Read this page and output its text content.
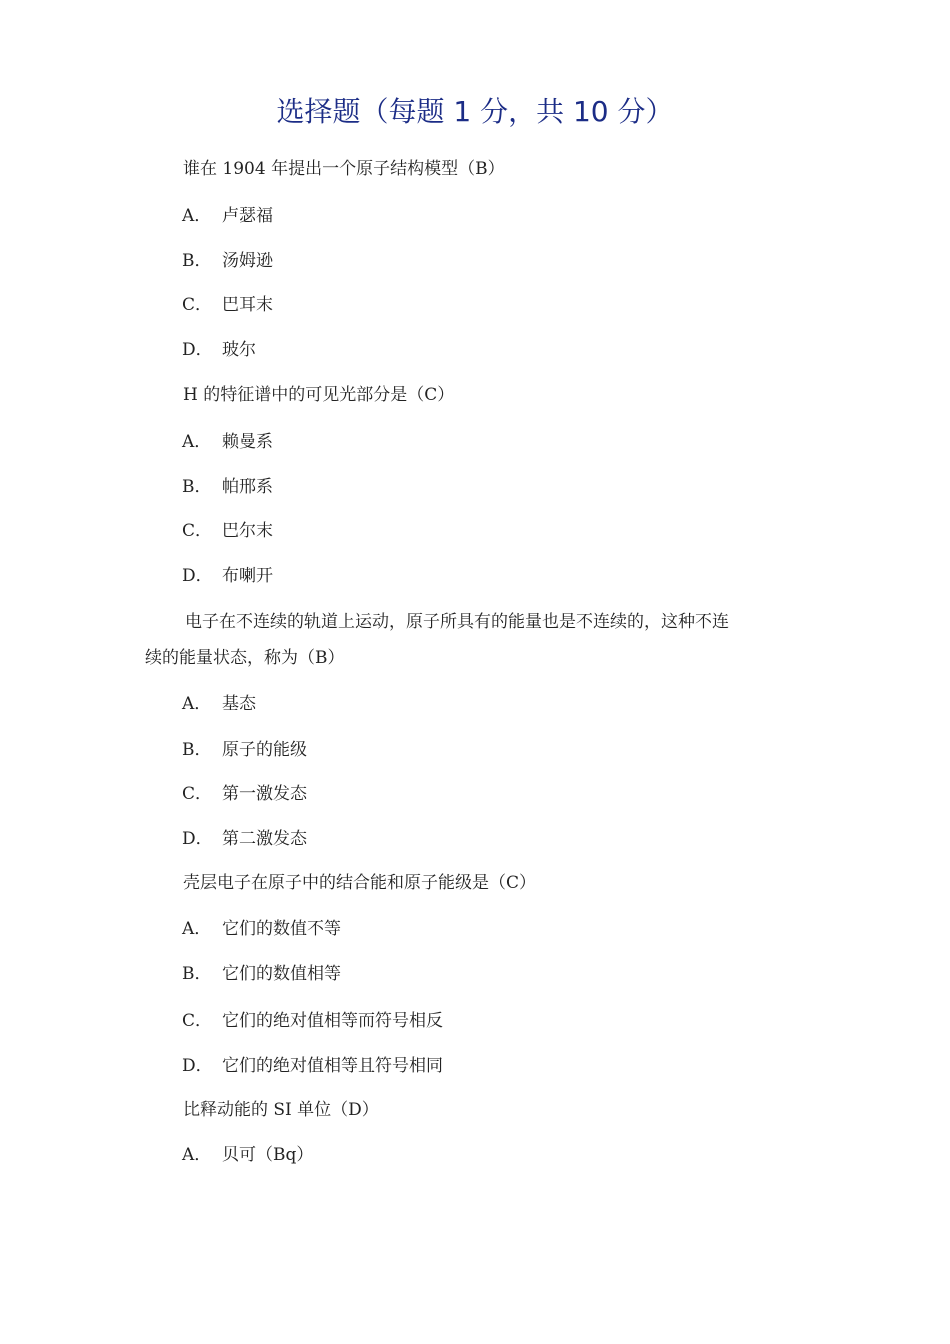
选择题（每题 1 分，共 10 分）
谁在 1904 年提出一个原子结构模型（B）
A． 卢瑟福
B． 汤姆逊
C． 巴耳末
D． 玻尔
H 的特征谱中的可见光部分是（C）
A． 赖曼系
B． 帕邢系
C． 巴尔末
D． 布喇开
电子在不连续的轨道上运动，原子所具有的能量也是不连续的，这种不连
续的能量状态，称为（B）
A． 基态
B． 原子的能级
C． 第一激发态
D． 第二激发态
壳层电子在原子中的结合能和原子能级是（C）
A． 它们的数值不等
B． 它们的数值相等
C． 它们的绝对值相等而符号相反
D． 它们的绝对值相等且符号相同
比释动能的 SI 单位（D）
A． 贝可（Bq）
